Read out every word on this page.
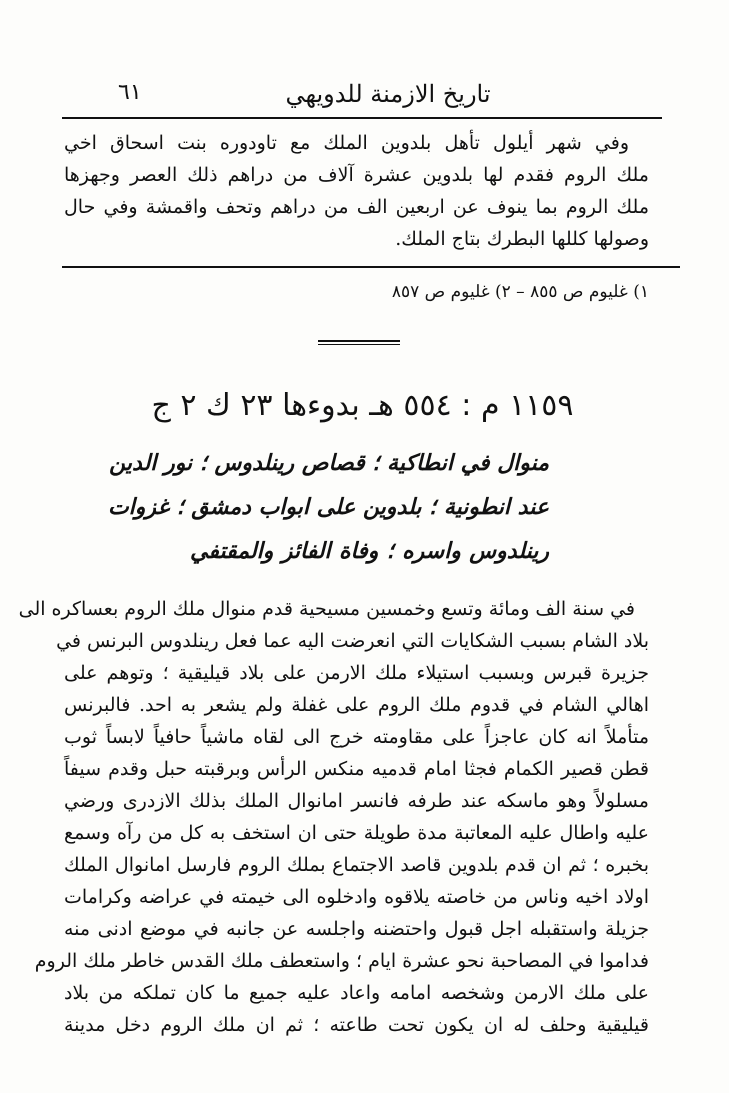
تاريخ الازمنة للدويهي
٦١
وفي شهر أيلول تأهل بلدوين الملك مع تاودوره بنت اسحاق اخي
ملك الروم فقدم لها بلدوين عشرة آلاف من دراهم ذلك العصر وجهزها
ملك الروم بما ينوف عن اربعين الف من دراهم وتحف واقمشة وفي حال
وصولها كللها البطرك بتاج الملك.
١) غليوم ص ٨٥٥ – ٢) غليوم ص ٨٥٧
١١٥٩ م : ٥٥٤ هـ بدوءها ٢٣ ك ٢ ج
منوال في انطاكية ؛ قصاص رينلدوس ؛ نور الدين
عند انطونية ؛ بلدوين على ابواب دمشق ؛ غزوات
رينلدوس واسره ؛ وفاة الفائز والمقتفي
في سنة الف ومائة وتسع وخمسين مسيحية قدم منوال ملك الروم بعساكره الى
بلاد الشام بسبب الشكايات التي انعرضت اليه عما فعل رينلدوس البرنس في
جزيرة قبرس وبسبب استيلاء ملك الارمن على بلاد قيليقية ؛ وتوهم على
اهالي الشام في قدوم ملك الروم على غفلة ولم يشعر به احد. فالبرنس
متأملاً انه كان عاجزاً على مقاومته خرج الى لقاه ماشياً حافياً لابساً ثوب
قطن قصير الكمام فجثا امام قدميه منكس الرأس وبرقبته حبل وقدم سيفاً
مسلولاً وهو ماسكه عند طرفه فانسر امانوال الملك بذلك الازدرى ورضي
عليه واطال عليه المعاتبة مدة طويلة حتى ان استخف به كل من رآه وسمع
بخبره ؛ ثم ان قدم بلدوين قاصد الاجتماع بملك الروم فارسل امانوال الملك
اولاد اخيه وناس من خاصته يلاقوه وادخلوه الى خيمته في عراضه وكرامات
جزيلة واستقبله اجل قبول واحتضنه واجلسه عن جانبه في موضع ادنى منه
فداموا في المصاحبة نحو عشرة ايام ؛ واستعطف ملك القدس خاطر ملك الروم
على ملك الارمن وشخصه امامه واعاد عليه جميع ما كان تملكه من بلاد
قيليقية وحلف له ان يكون تحت طاعته ؛ ثم ان ملك الروم دخل مدينة
